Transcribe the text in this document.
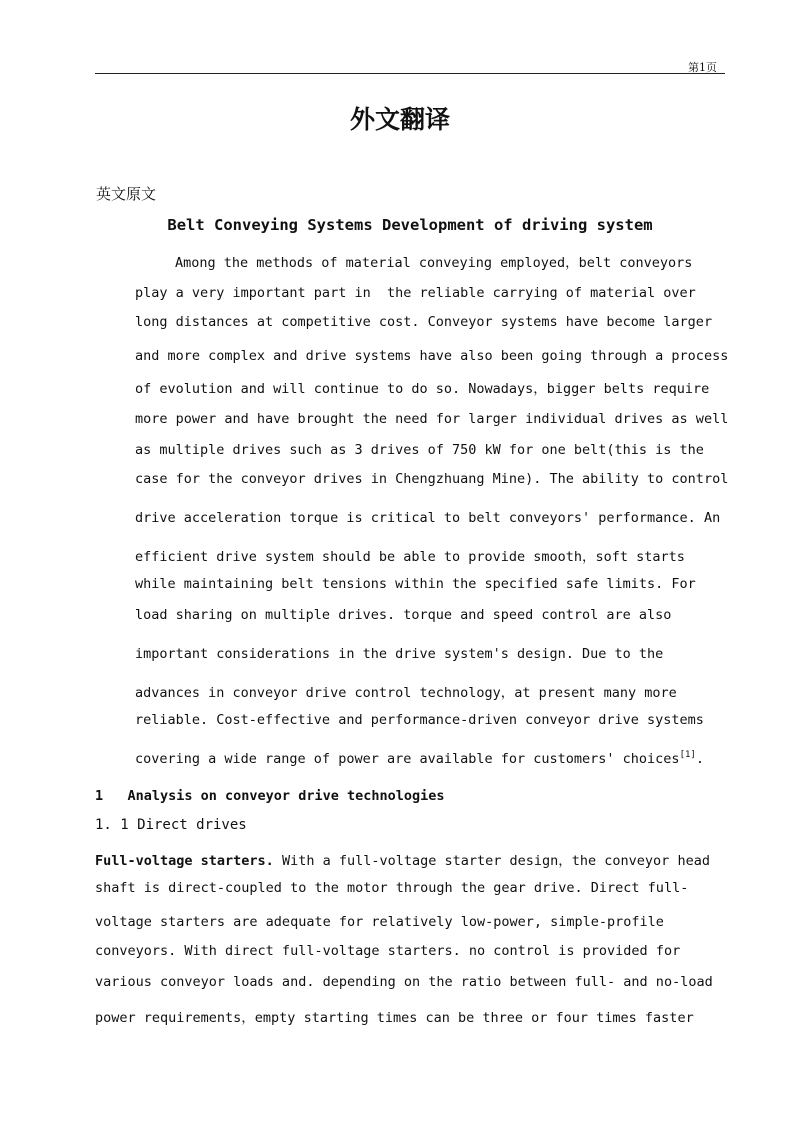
第1页
外文翻译
英文原文
Belt Conveying Systems Development of driving system
Among the methods of material conveying employed，belt conveyors
play a very important part in  the reliable carrying of material over
long distances at competitive cost. Conveyor systems have become larger
and more complex and drive systems have also been going through a process
of evolution and will continue to do so. Nowadays，bigger belts require
more power and have brought the need for larger individual drives as well
as multiple drives such as 3 drives of 750 kW for one belt(this is the
case for the conveyor drives in Chengzhuang Mine). The ability to control
drive acceleration torque is critical to belt conveyors' performance. An
efficient drive system should be able to provide smooth，soft starts
while maintaining belt tensions within the specified safe limits. For
load sharing on multiple drives. torque and speed control are also
important considerations in the drive system's design. Due to the
advances in conveyor drive control technology，at present many more
reliable. Cost-effective and performance-driven conveyor drive systems
covering a wide range of power are available for customers' choices[1].
1   Analysis on conveyor drive technologies
1. 1 Direct drives
Full-voltage starters. With a full-voltage starter design，the conveyor head
shaft is direct-coupled to the motor through the gear drive. Direct full-
voltage starters are adequate for relatively low-power, simple-profile
conveyors. With direct full-voltage starters. no control is provided for
various conveyor loads and. depending on the ratio between full- and no-load
power requirements，empty starting times can be three or four times faster
